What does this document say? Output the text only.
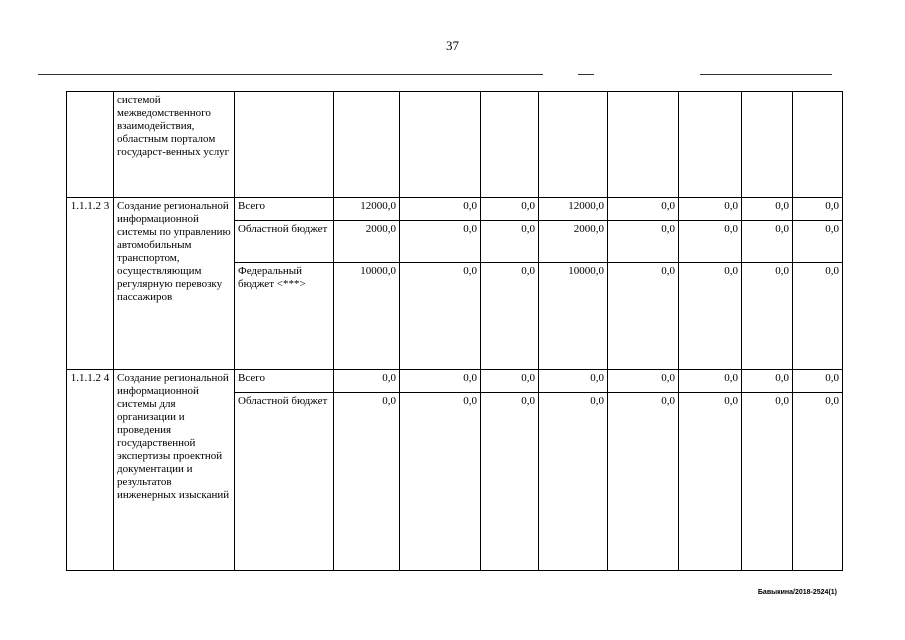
37
	системой межведомственного взаимодействия, областным порталом государст-венных услуг									
1.1.1.2 3	Создание региональной информационной системы по управлению автомобильным транспортом, осуществляющим регулярную перевозку пассажиров	Всего	12000,0	0,0	0,0	12000,0	0,0	0,0	0,0	0,0
		Областной бюджет	2000,0	0,0	0,0	2000,0	0,0	0,0	0,0	0,0
		Федеральный бюджет <***>	10000,0	0,0	0,0	10000,0	0,0	0,0	0,0	0,0
1.1.1.2 4	Создание региональной информационной системы для организации и проведения государственной экспертизы проектной документации и результатов инженерных изысканий	Всего	0,0	0,0	0,0	0,0	0,0	0,0	0,0	0,0
		Областной бюджет	0,0	0,0	0,0	0,0	0,0	0,0	0,0	0,0
Бавыкина/2018-2524(1)
